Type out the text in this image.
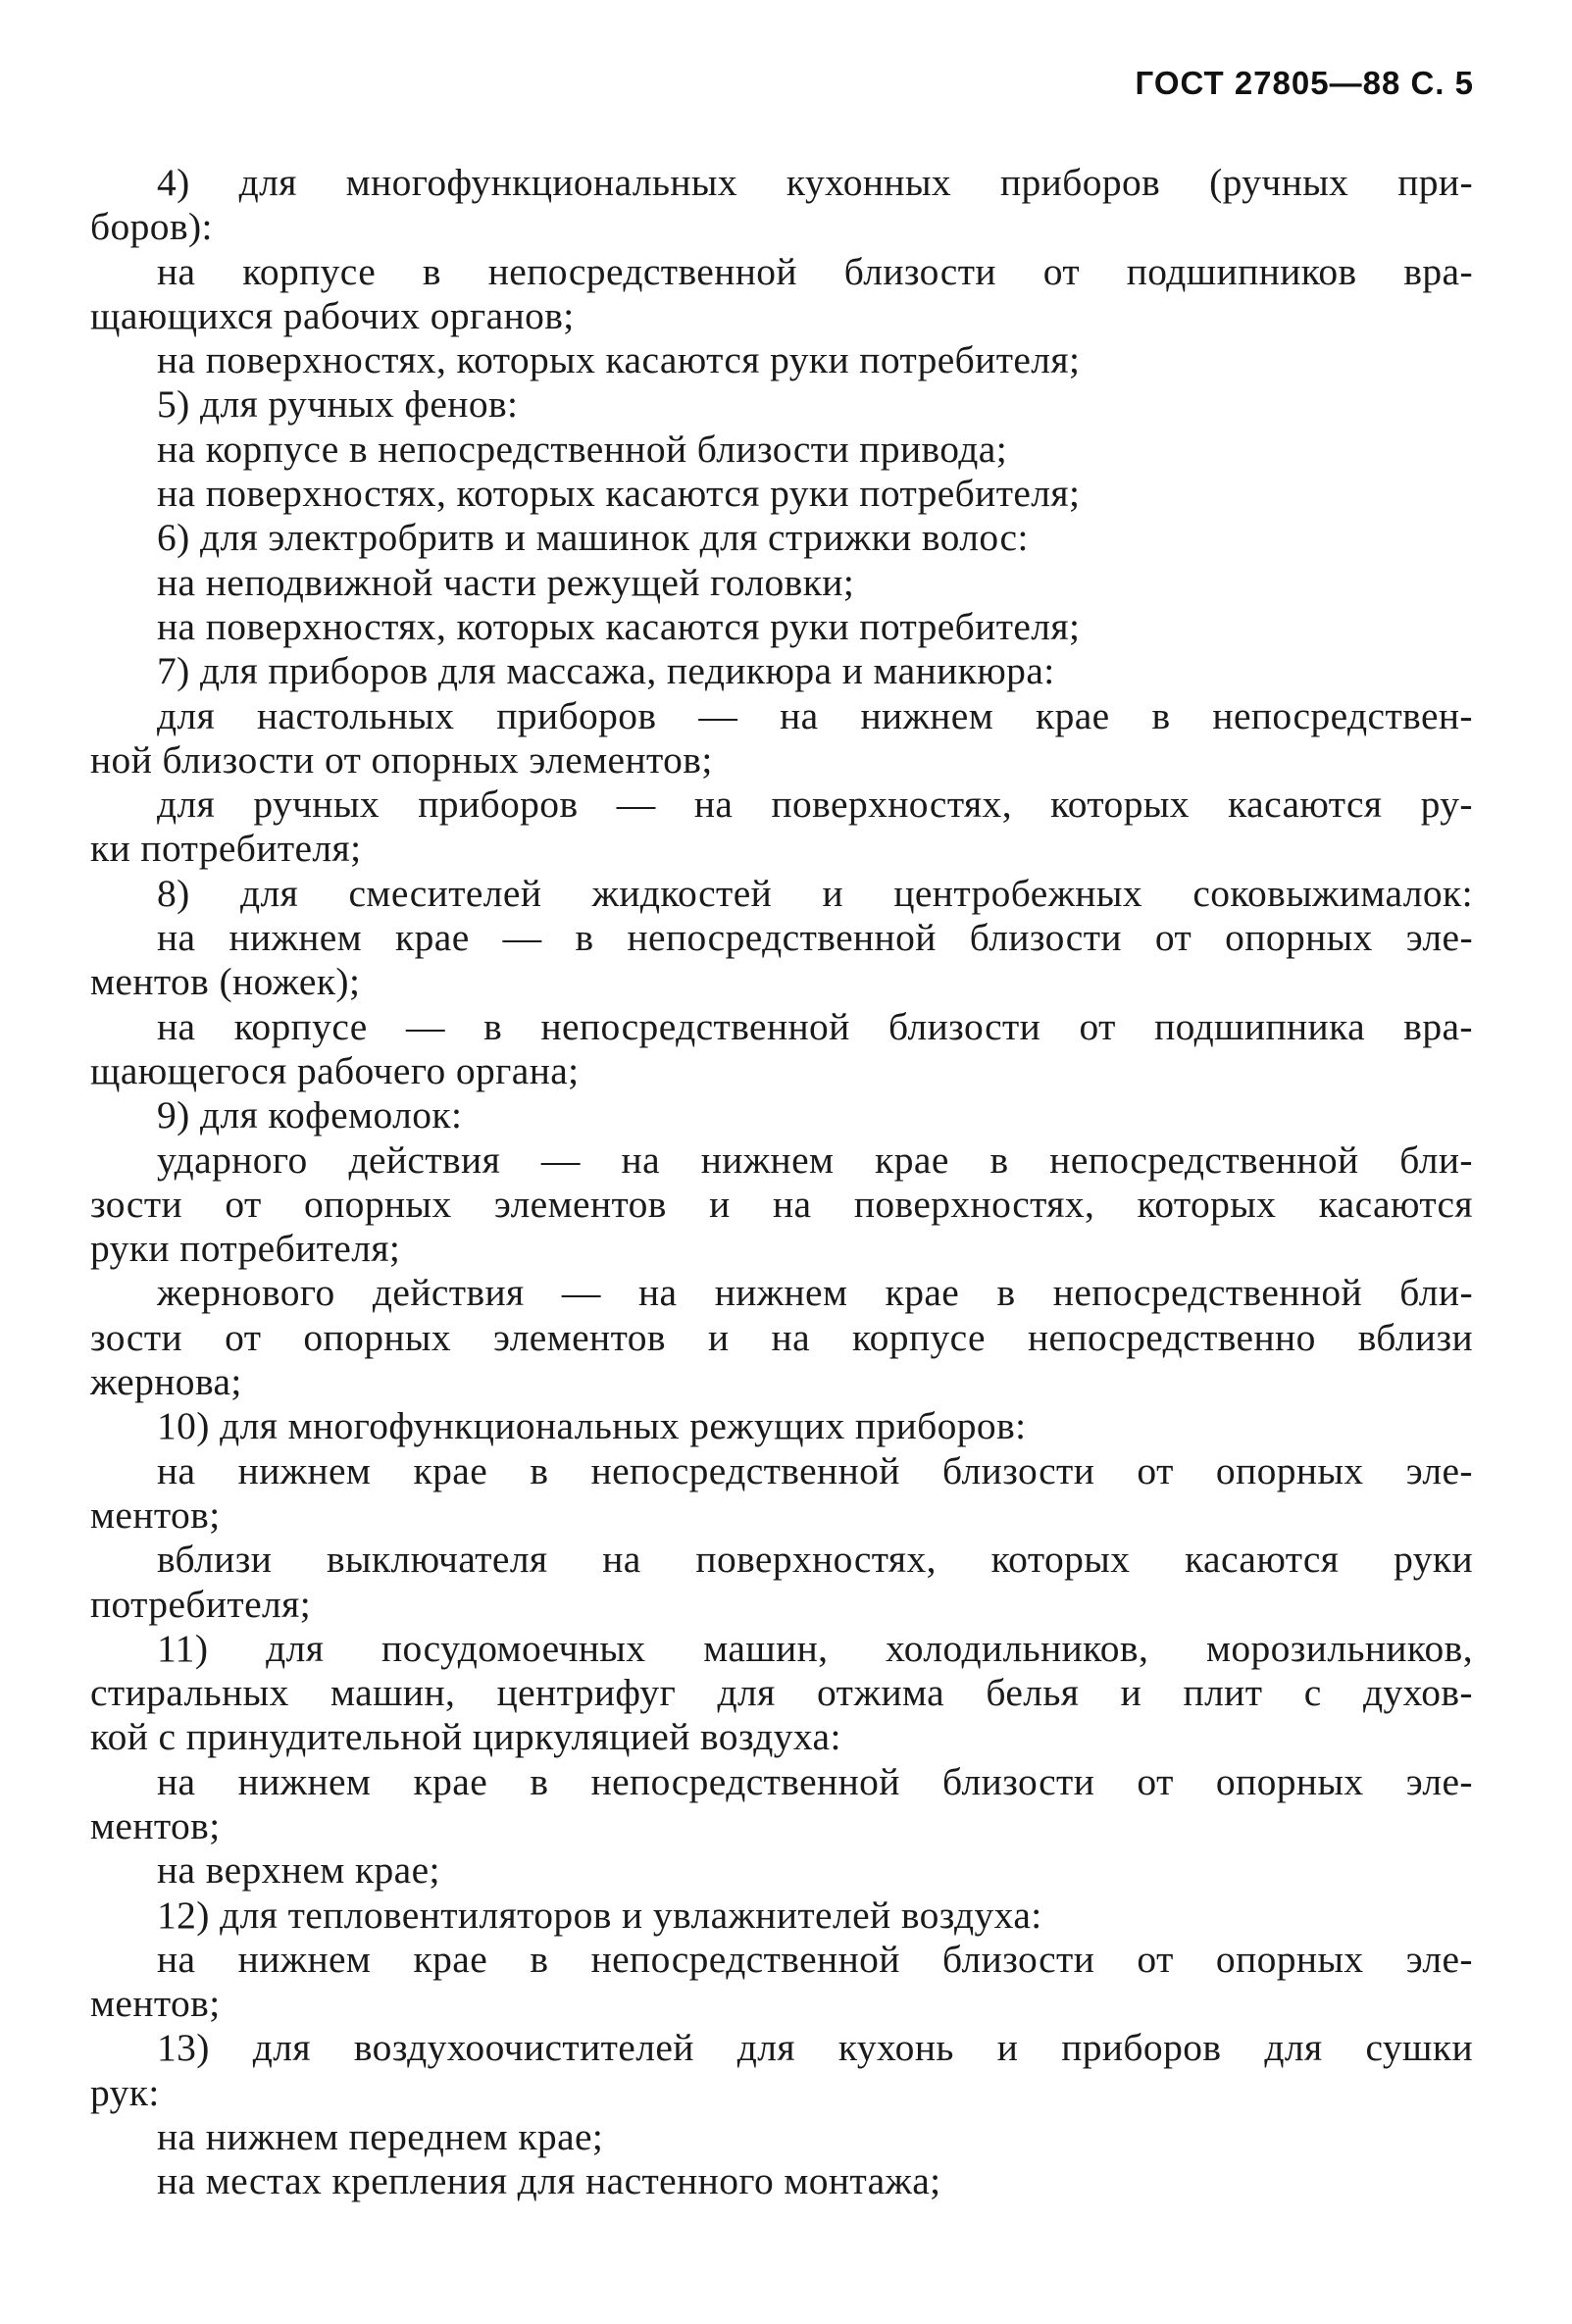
ГОСТ 27805—88 С. 5
4) для многофункциональных кухонных приборов (ручных при-
боров):
на корпусе в непосредственной близости от подшипников вра-
щающихся рабочих органов;
на поверхностях, которых касаются руки потребителя;
5) для ручных фенов:
на корпусе в непосредственной близости привода;
на поверхностях, которых касаются руки потребителя;
6) для электробритв и машинок для стрижки волос:
на неподвижной части режущей головки;
на поверхностях, которых касаются руки потребителя;
7) для приборов для массажа, педикюра и маникюра:
для настольных приборов — на нижнем крае в непосредствен-
ной близости от опорных элементов;
для ручных приборов — на поверхностях, которых касаются ру-
ки потребителя;
8) для смесителей жидкостей и центробежных соковыжималок:
на нижнем крае — в непосредственной близости от опорных эле-
ментов (ножек);
на корпусе — в непосредственной близости от подшипника вра-
щающегося рабочего органа;
9) для кофемолок:
ударного действия — на нижнем крае в непосредственной бли-
зости от опорных элементов и на поверхностях, которых касаются
руки потребителя;
жернового действия — на нижнем крае в непосредственной бли-
зости от опорных элементов и на корпусе непосредственно вблизи
жернова;
10) для многофункциональных режущих приборов:
на нижнем крае в непосредственной близости от опорных эле-
ментов;
вблизи выключателя на поверхностях, которых касаются руки
потребителя;
11) для посудомоечных машин, холодильников, морозильников,
стиральных машин, центрифуг для отжима белья и плит с духов-
кой с принудительной циркуляцией воздуха:
на нижнем крае в непосредственной близости от опорных эле-
ментов;
на верхнем крае;
12) для тепловентиляторов и увлажнителей воздуха:
на нижнем крае в непосредственной близости от опорных эле-
ментов;
13) для воздухоочистителей для кухонь и приборов для сушки
рук:
на нижнем переднем крае;
на местах крепления для настенного монтажа;
